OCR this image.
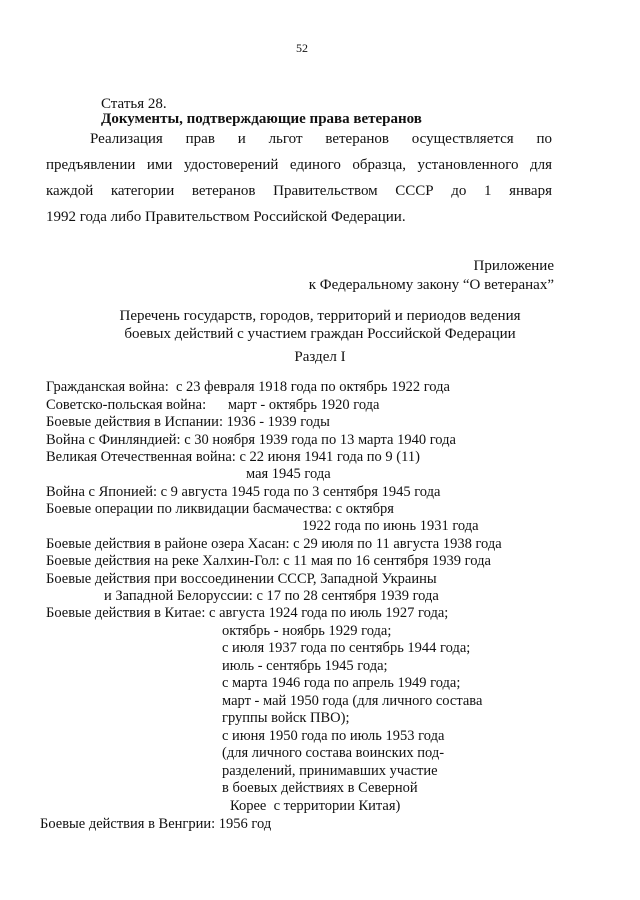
52

Статья 28.
Документы, подтверждающие права ветеранов

Реализация прав и льгот ветеранов осуществляется по
предъявлении ими удостоверений единого образца, установленного для
каждой категории ветеранов Правительством СССР до 1 января
1992 года либо Правительством Российской Федерации.
Приложение
к Федеральному закону “О ветеранах”
Перечень государств, городов, территорий и периодов ведения
боевых действий с участием граждан Российской Федерации
Раздел I
Гражданская война:  с 23 февраля 1918 года по октябрь 1922 года
Советско-польская война:      март - октябрь 1920 года
Боевые действия в Испании: 1936 - 1939 годы
Война с Финляндией: с 30 ноября 1939 года по 13 марта 1940 года
Великая Отечественная война: с 22 июня 1941 года по 9 (11)
мая 1945 года
Война с Японией: с 9 августа 1945 года по 3 сентября 1945 года
Боевые операции по ликвидации басмачества: с октября
1922 года по июнь 1931 года
Боевые действия в районе озера Хасан: с 29 июля по 11 августа 1938 года
Боевые действия на реке Халхин-Гол: с 11 мая по 16 сентября 1939 года
Боевые действия при воссоединении СССР, Западной Украины
и Западной Белоруссии: с 17 по 28 сентября 1939 года
Боевые действия в Китае: с августа 1924 года по июль 1927 года;
октябрь - ноябрь 1929 года;
с июля 1937 года по сентябрь 1944 года;
июль - сентябрь 1945 года;
с марта 1946 года по апрель 1949 года;
март - май 1950 года (для личного состава
группы войск ПВО);
с июня 1950 года по июль 1953 года
(для личного состава воинских под-
разделений, принимавших участие
в боевых действиях в Северной
Корее  с территории Китая)
Боевые действия в Венгрии: 1956 год
